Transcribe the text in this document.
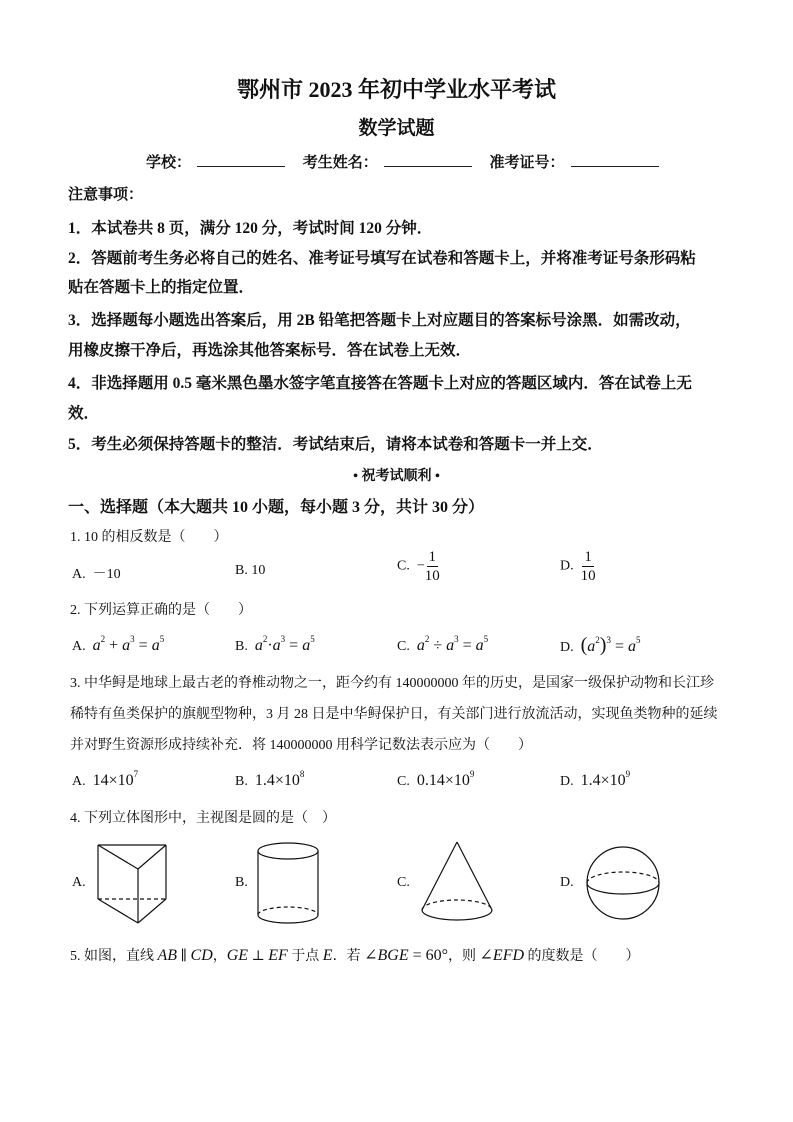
鄂州市 2023 年初中学业水平考试
数学试题
学校：	考生姓名：	准考证号：
注意事项：
1．本试卷共 8 页，满分 120 分，考试时间 120 分钟．
2．答题前考生务必将自己的姓名、准考证号填写在试卷和答题卡上，并将准考证号条形码粘
贴在答题卡上的指定位置．
3．选择题每小题选出答案后，用 2B 铅笔把答题卡上对应题目的答案标号涂黑．如需改动，
用橡皮擦干净后，再选涂其他答案标号．答在试卷上无效．
4．非选择题用 0.5 毫米黑色墨水签字笔直接答在答题卡上对应的答题区域内．答在试卷上无
效．
5．考生必须保持答题卡的整洁．考试结束后，请将本试卷和答题卡一并上交．
• 祝考试顺利 •
一、选择题（本大题共 10 小题，每小题 3 分，共计 30 分）
1. 10 的相反数是（　　）
A. －10	B. 10	C. − $\frac{1}{10}$	D. $\frac{1}{10}$
2. 下列运算正确的是（　　）
A. $a^2 + a^3 = a^5$	B. $a^2\cdot a^3 = a^5$	C. $a^2 \div a^3 = a^5$
D. $(a^2)^3 = a^5$
3. 中华鲟是地球上最古老的脊椎动物之一，距今约有 140000000 年的历史，是国家一级保护动物和长江珍
稀特有鱼类保护的旗舰型物种，3 月 28 日是中华鲟保护日，有关部门进行放流活动，实现鱼类物种的延续
并对野生资源形成持续补充．将 140000000 用科学记数法表示应为（　　）
A. $14\times 10^7$	B. $1.4\times 10^8$	C. $0.14\times 10^9$	D. $1.4\times 10^9$
4. 下列立体图形中，主视图是圆的是（　）
A.	B.	C.	D.
5. 如图，直线 AB ∥ CD，GE ⊥ EF 于点 E．若 ∠BGE = 60°，则 ∠EFD 的度数是（　　）
